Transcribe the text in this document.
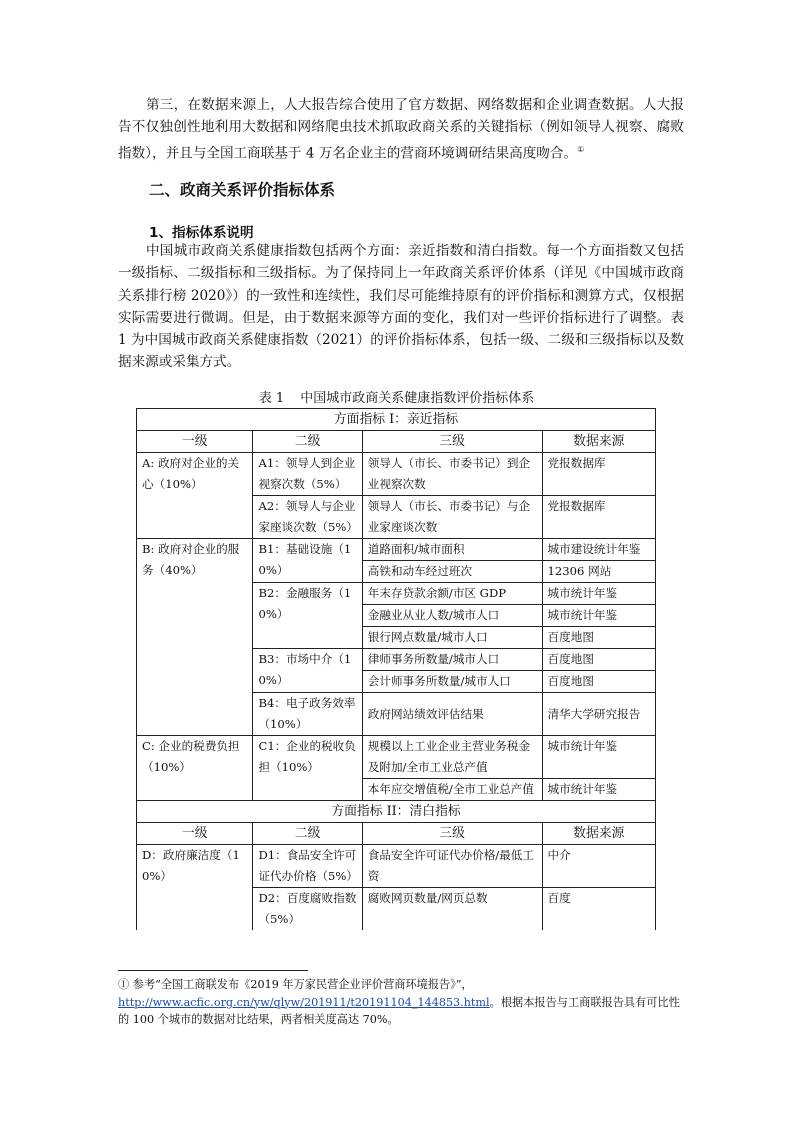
第三，在数据来源上，人大报告综合使用了官方数据、网络数据和企业调查数据。人大报告不仅独创性地利用大数据和网络爬虫技术抓取政商关系的关键指标（例如领导人视察、腐败指数），并且与全国工商联基于 4 万名企业主的营商环境调研结果高度吻合。①

二、政商关系评价指标体系
1、指标体系说明

中国城市政商关系健康指数包括两个方面：亲近指数和清白指数。每一个方面指数又包括一级指标、二级指标和三级指标。为了保持同上一年政商关系评价体系（详见《中国城市政商关系排行榜 2020》）的一致性和连续性，我们尽可能维持原有的评价指标和测算方式，仅根据实际需要进行微调。但是，由于数据来源等方面的变化，我们对一些评价指标进行了调整。表 1 为中国城市政商关系健康指数（2021）的评价指标体系，包括一级、二级和三级指标以及数据来源或采集方式。

表 1 中国城市政商关系健康指数评价指标体系
方面指标 I：亲近指标			
一级	二级	三级	数据来源
A: 政府对企业的关心（10%）	A1：领导人到企业视察次数（5%）	领导人（市长、市委书记）到企业视察次数	党报数据库
	A2：领导人与企业家座谈次数（5%）	领导人（市长、市委书记）与企业家座谈次数	党报数据库
B: 政府对企业的服务（40%）	B1：基础设施（10%）	道路面积/城市面积	城市建设统计年鉴
		高铁和动车经过班次	12306 网站
	B2：金融服务（10%）	年末存贷款余额/市区 GDP	城市统计年鉴
		金融业从业人数/城市人口	城市统计年鉴
		银行网点数量/城市人口	百度地图
	B3：市场中介（10%）	律师事务所数量/城市人口	百度地图
		会计师事务所数量/城市人口	百度地图
	B4：电子政务效率（10%）	政府网站绩效评估结果	清华大学研究报告
C: 企业的税费负担（10%）	C1：企业的税收负担（10%）	规模以上工业企业主营业务税金及附加/全市工业总产值	城市统计年鉴
		本年应交增值税/全市工业总产值	城市统计年鉴
方面指标 II：清白指标			
一级	二级	三级	数据来源
D：政府廉洁度（10%）	D1：食品安全许可证代办价格（5%）	食品安全许可证代办价格/最低工资	中介
	D2：百度腐败指数（5%）	腐败网页数量/网页总数	百度

① 参考“全国工商联发布《2019 年万家民营企业评价营商环境报告》”，
http://www.acfic.org.cn/yw/qlyw/201911/t20191104_144853.html。根据本报告与工商联报告具有可比性的 100 个城市的数据对比结果，两者相关度高达 70%。
